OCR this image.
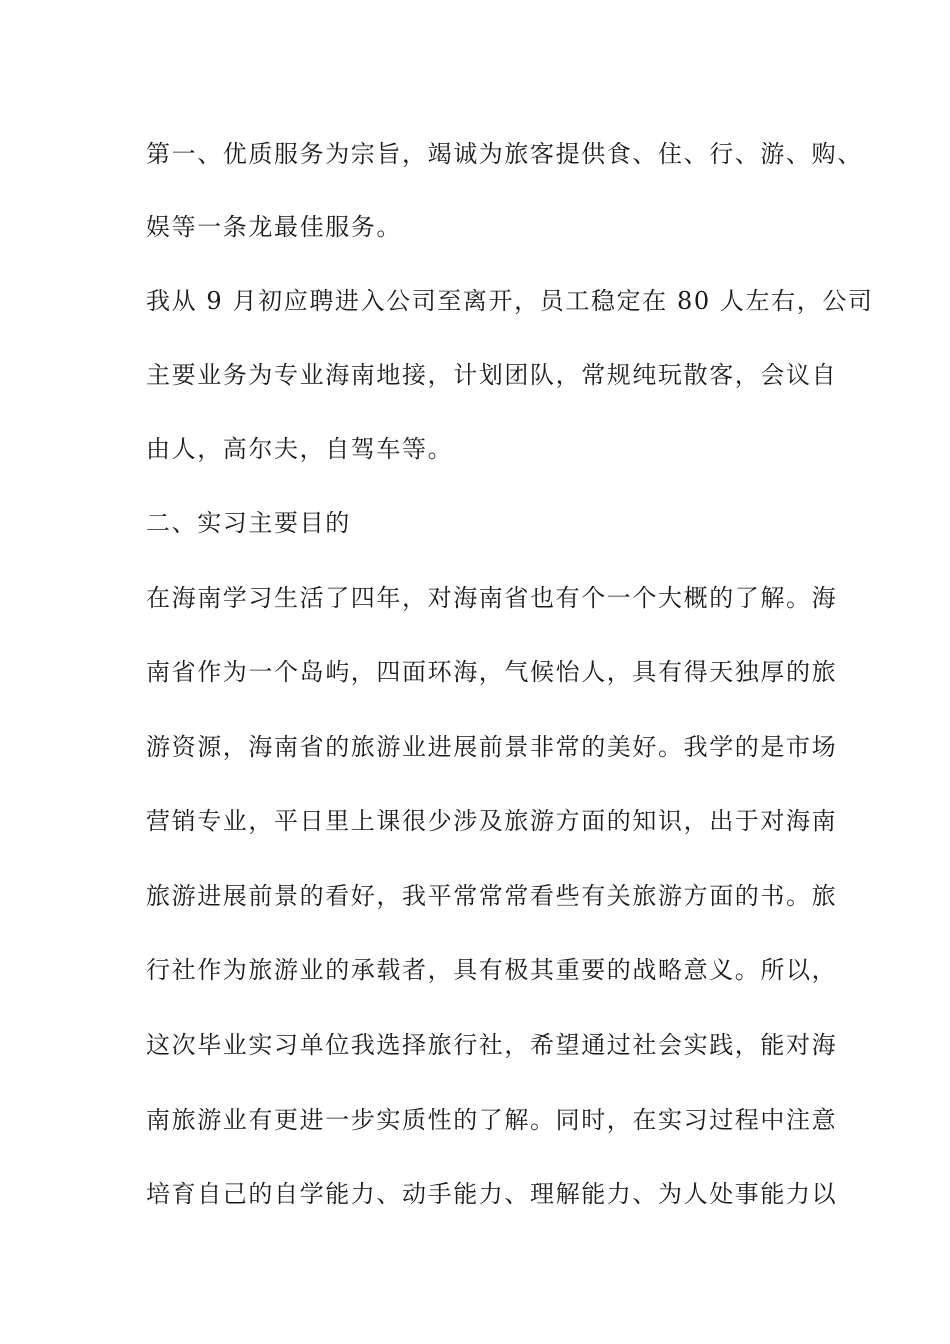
第一、优质服务为宗旨，竭诚为旅客提供食、住、行、游、购、

娱等一条龙最佳服务。

我从 9 月初应聘进入公司至离开，员工稳定在 80 人左右，公司

主要业务为专业海南地接，计划团队，常规纯玩散客，会议自

由人，高尔夫，自驾车等。

二、实习主要目的

在海南学习生活了四年，对海南省也有个一个大概的了解。海

南省作为一个岛屿，四面环海，气候怡人，具有得天独厚的旅

游资源，海南省的旅游业进展前景非常的美好。我学的是市场

营销专业，平日里上课很少涉及旅游方面的知识，出于对海南

旅游进展前景的看好，我平常常常看些有关旅游方面的书。旅

行社作为旅游业的承载者，具有极其重要的战略意义。所以，

这次毕业实习单位我选择旅行社，希望通过社会实践，能对海

南旅游业有更进一步实质性的了解。同时，在实习过程中注意

培育自己的自学能力、动手能力、理解能力、为人处事能力以
